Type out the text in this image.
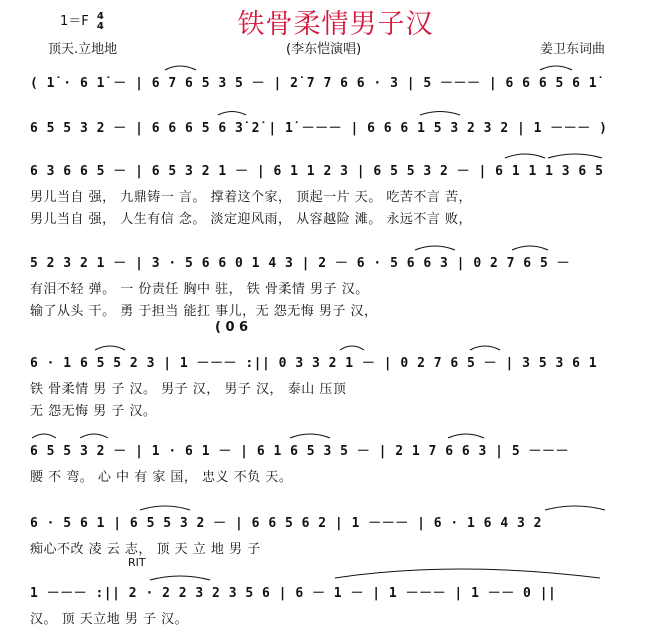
铁骨柔情男子汉
1＝F 4
4
顶天.立地地	(李东恺演唱)	姜卫东词曲
( 1̇ · 6 1̇ － | 6 7 6 5 3 5 － | 2̇ 7 7 6 6 · 3 | 5 －－－ | 6 6 6 5 6 1̇
6 5 5 3 2 － | 6 6 6 5 6 3̇ 2̇ | 1̇ －－－ | 6 6 6 1 5 3 2 3 2 | 1 －－－ )
6 3 6 6 5 － | 6 5 3 2 1 － | 6 1 1 2 3 | 6 5 5 3 2 － | 6 1 1 1 3 6 5
男儿当自 强， 九鼎铸一 言。 撑着这个家， 顶起一片 天。 吃苦不言 苦，
男儿当自 强， 人生有信 念。 淡定迎风雨， 从容越险 滩。 永远不言 败，
5 2 3 2 1 － | 3 · 5 6 6 0 1 4 3 | 2 － 6 · 5 6 6 3 | 0 2 7 6 5 －
有泪不轻 弹。 一 份责任 胸中 驻， 铁 骨柔情 男子 汉。
输了从头 干。 勇 于担当 能扛 事儿，无 怨无悔 男子 汉，
( 0 6
6 · 1 6 5 5 2 3 | 1 －－－ :|| 0 3 3 2 1 － | 0 2 7 6 5 － | 3 5 3 6 1
铁 骨柔情 男 子 汉。 男子 汉， 男子 汉， 泰山 压顶
无 怨无悔 男 子 汉。
6 5 5 3 2 － | 1 · 6 1 － | 6 1 6 5 3 5 － | 2 1 7 6 6 3 | 5 －－－
腰 不 弯。 心 中 有 家 国， 忠义 不负 天。
6 · 5 6 1 | 6 5 5 3 2 － | 6 6 5 6 2 | 1 －－－ | 6 · 1 6 4 3 2
痴心不改 凌 云 志， 顶 天 立 地 男 子
RIT
1 －－－ :|| 2 · 2 2 3 2 3 5 6 | 6 － 1 － | 1 －－－ | 1 －－ 0 ||
汉。 顶 天立地 男 子 汉。
